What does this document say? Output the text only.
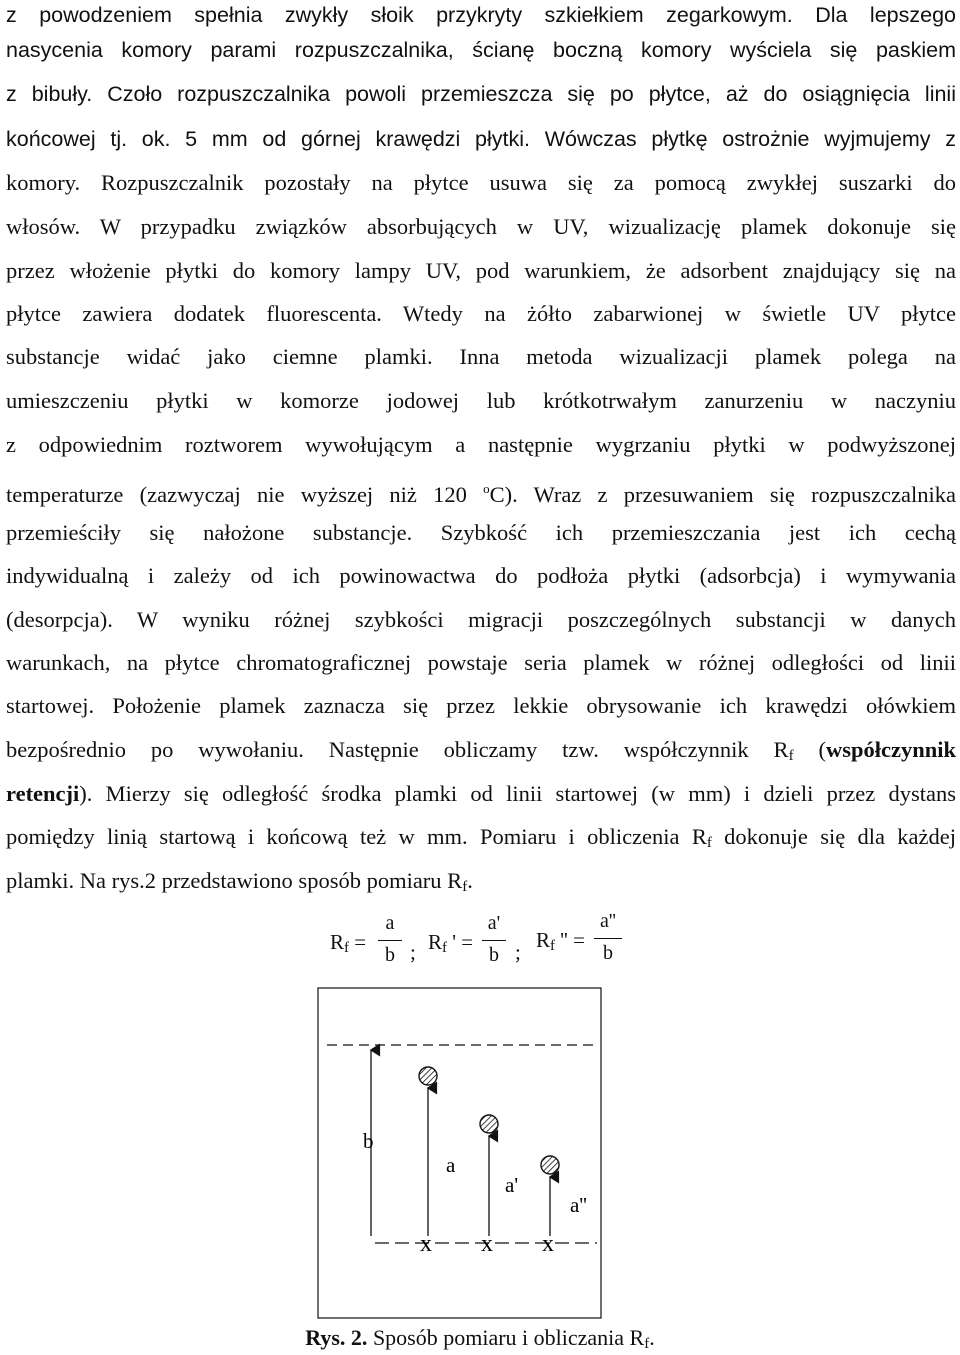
z powodzeniem spełnia zwykły słoik przykryty szkiełkiem zegarkowym. Dla lepszego
nasycenia komory parami rozpuszczalnika, ścianę boczną komory wyściela się paskiem
z bibuły. Czoło rozpuszczalnika powoli przemieszcza się po płytce, aż do osiągnięcia linii
końcowej tj. ok. 5 mm od górnej krawędzi płytki. Wówczas płytkę ostrożnie wyjmujemy z
komory. Rozpuszczalnik pozostały na płytce usuwa się za pomocą zwykłej suszarki do
włosów. W przypadku związków absorbujących w UV, wizualizację plamek dokonuje się
przez włożenie płytki do komory lampy UV, pod warunkiem, że adsorbent znajdujący się na
płytce zawiera dodatek fluorescenta. Wtedy na żółto zabarwionej w świetle UV płytce
substancje widać jako ciemne plamki. Inna metoda wizualizacji plamek polega na
umieszczeniu płytki w komorze jodowej lub krótkotrwałym zanurzeniu w naczyniu
z odpowiednim roztworem wywołującym a następnie wygrzaniu płytki w podwyższonej
temperaturze (zazwyczaj nie wyższej niż 120 $^o$C). Wraz z przesuwaniem się rozpuszczalnika
przemieściły się nałożone substancje. Szybkość ich przemieszczania jest ich cechą
indywidualną i zależy od ich powinowactwa do podłoża płytki (adsorbcja) i wymywania
(desorpcja). W wyniku różnej szybkości migracji poszczególnych substancji w danych
warunkach, na płytce chromatograficznej powstaje seria plamek w różnej odległości od linii
startowej. Położenie plamek zaznacza się przez lekkie obrysowanie ich krawędzi ołówkiem
bezpośrednio po wywołaniu. Następnie obliczamy tzw. współczynnik $R_f$ (współczynnik
retencji). Mierzy się odległość środka plamki od linii startowej (w mm) i dzieli przez dystans
pomiędzy linią startową i końcową też w mm. Pomiaru i obliczenia $R_f$ dokonuje się dla każdej
plamki. Na rys.2 przedstawiono sposób pomiaru $R_f$.
$R_f$ =
a
b ; $R_f$ ' =
a'
b ; $R_f$ '' =
a''
b
b
a
a'
a''
x x x
Rys. 2. Sposób pomiaru i obliczania $R_f$.
